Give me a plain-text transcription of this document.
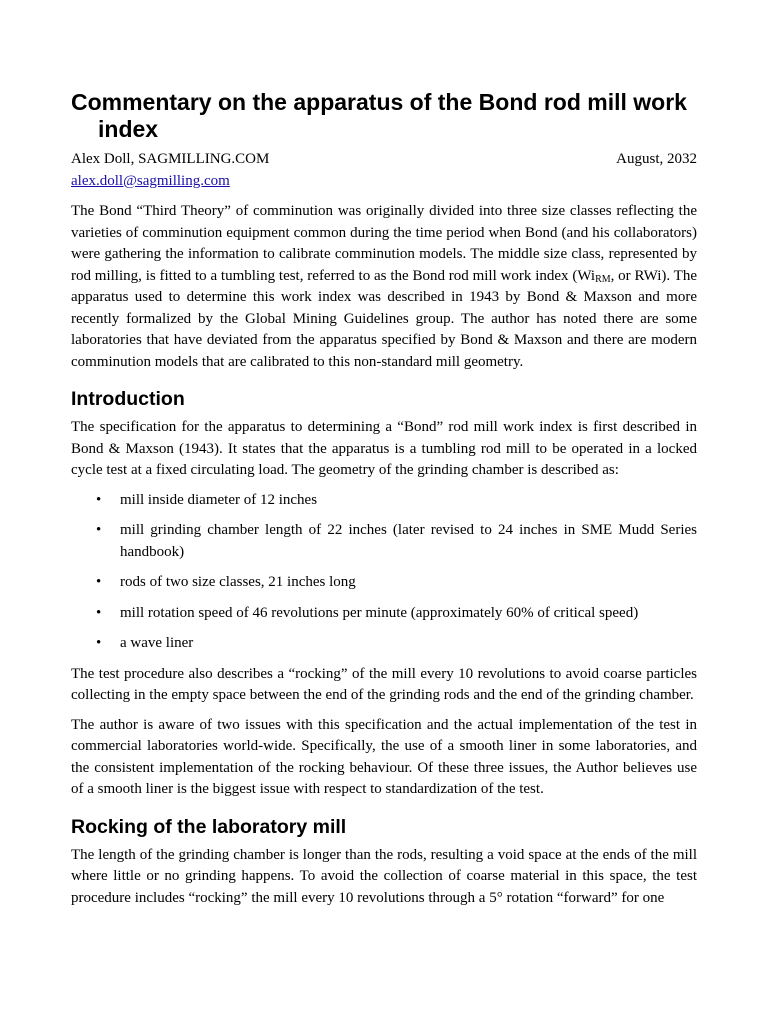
Commentary on the apparatus of the Bond rod mill work index
Alex Doll, SAGMILLING.COM	August, 2032
alex.doll@sagmilling.com

The Bond “Third Theory” of comminution was originally divided into three size classes reflecting the varieties of comminution equipment common during the time period when Bond (and his collaborators) were gathering the information to calibrate comminution models. The middle size class, represented by rod milling, is fitted to a tumbling test, referred to as the Bond rod mill work index ($Wi_{RM}$, or RWi). The apparatus used to determine this work index was described in 1943 by Bond & Maxson and more recently formalized by the Global Mining Guidelines group. The author has noted there are some laboratories that have deviated from the apparatus specified by Bond & Maxson and there are modern comminution models that are calibrated to this non-standard mill geometry.

Introduction

The specification for the apparatus to determining a “Bond” rod mill work index is first described in Bond & Maxson (1943). It states that the apparatus is a tumbling rod mill to be operated in a locked cycle test at a fixed circulating load. The geometry of the grinding chamber is described as:

• mill inside diameter of 12 inches
• mill grinding chamber length of 22 inches (later revised to 24 inches in SME Mudd Series handbook)
• rods of two size classes, 21 inches long
• mill rotation speed of 46 revolutions per minute (approximately 60% of critical speed)
• a wave liner

The test procedure also describes a “rocking” of the mill every 10 revolutions to avoid coarse particles collecting in the empty space between the end of the grinding rods and the end of the grinding chamber.

The author is aware of two issues with this specification and the actual implementation of the test in commercial laboratories world-wide. Specifically, the use of a smooth liner in some laboratories, and the consistent implementation of the rocking behaviour. Of these three issues, the Author believes use of a smooth liner is the biggest issue with respect to standardization of the test.

Rocking of the laboratory mill

The length of the grinding chamber is longer than the rods, resulting a void space at the ends of the mill where little or no grinding happens. To avoid the collection of coarse material in this space, the test procedure includes “rocking” the mill every 10 revolutions through a 5° rotation “forward” for one
